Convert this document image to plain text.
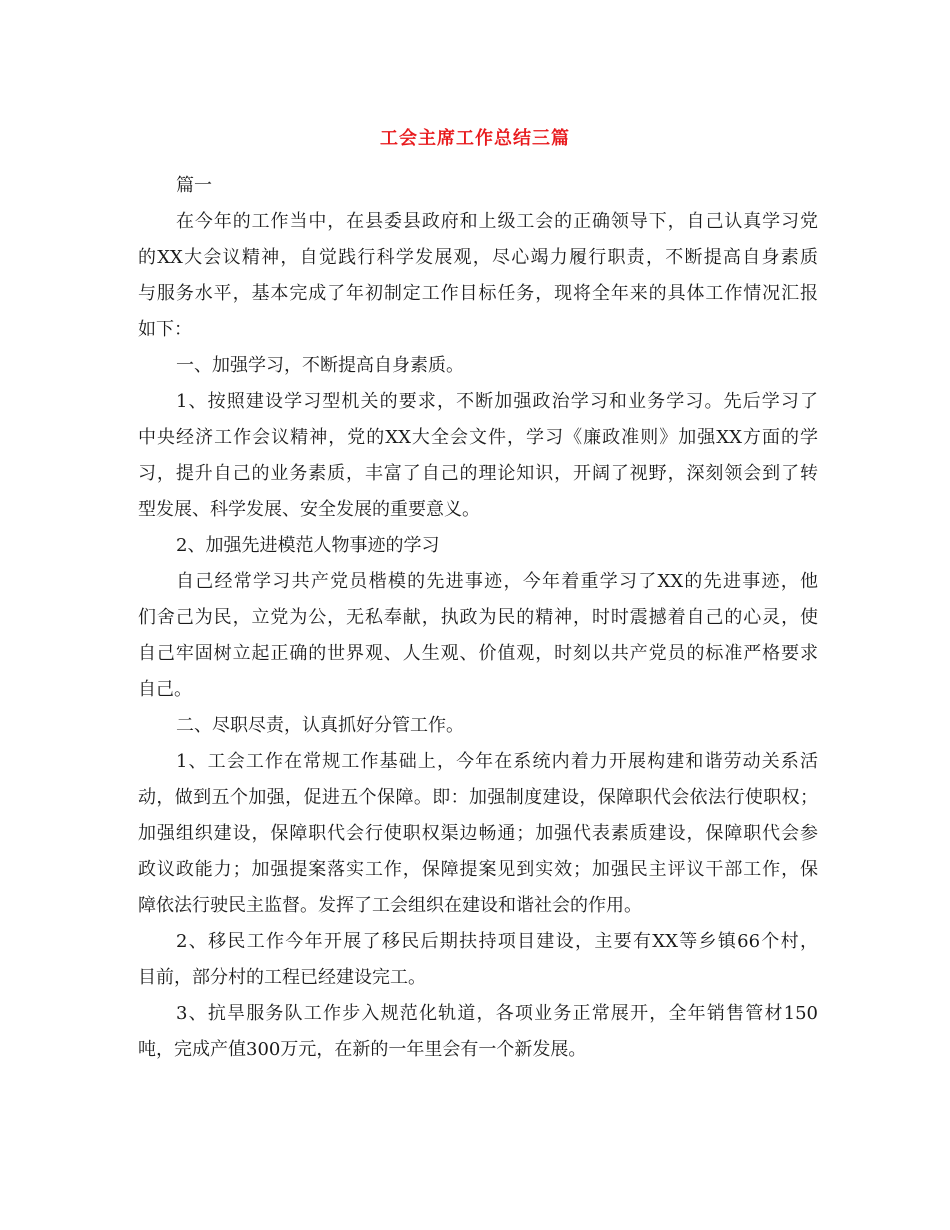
工会主席工作总结三篇
篇一
在今年的工作当中，在县委县政府和上级工会的正确领导下，自己认真学习党
的XX大会议精神，自觉践行科学发展观，尽心竭力履行职责，不断提高自身素质
与服务水平，基本完成了年初制定工作目标任务，现将全年来的具体工作情况汇报
如下：
一、加强学习，不断提高自身素质。
1、按照建设学习型机关的要求，不断加强政治学习和业务学习。先后学习了
中央经济工作会议精神，党的XX大全会文件，学习《廉政准则》加强XX方面的学
习，提升自己的业务素质，丰富了自己的理论知识，开阔了视野，深刻领会到了转
型发展、科学发展、安全发展的重要意义。
2、加强先进模范人物事迹的学习
自己经常学习共产党员楷模的先进事迹，今年着重学习了XX的先进事迹，他
们舍己为民，立党为公，无私奉献，执政为民的精神，时时震撼着自己的心灵，使
自己牢固树立起正确的世界观、人生观、价值观，时刻以共产党员的标准严格要求
自己。
二、尽职尽责，认真抓好分管工作。
1、工会工作在常规工作基础上，今年在系统内着力开展构建和谐劳动关系活
动，做到五个加强，促进五个保障。即：加强制度建设，保障职代会依法行使职权；
加强组织建设，保障职代会行使职权渠边畅通；加强代表素质建设，保障职代会参
政议政能力；加强提案落实工作，保障提案见到实效；加强民主评议干部工作，保
障依法行驶民主监督。发挥了工会组织在建设和谐社会的作用。
2、移民工作今年开展了移民后期扶持项目建设，主要有XX等乡镇66个村，
目前，部分村的工程已经建设完工。
3、抗旱服务队工作步入规范化轨道，各项业务正常展开，全年销售管材150
吨，完成产值300万元，在新的一年里会有一个新发展。
